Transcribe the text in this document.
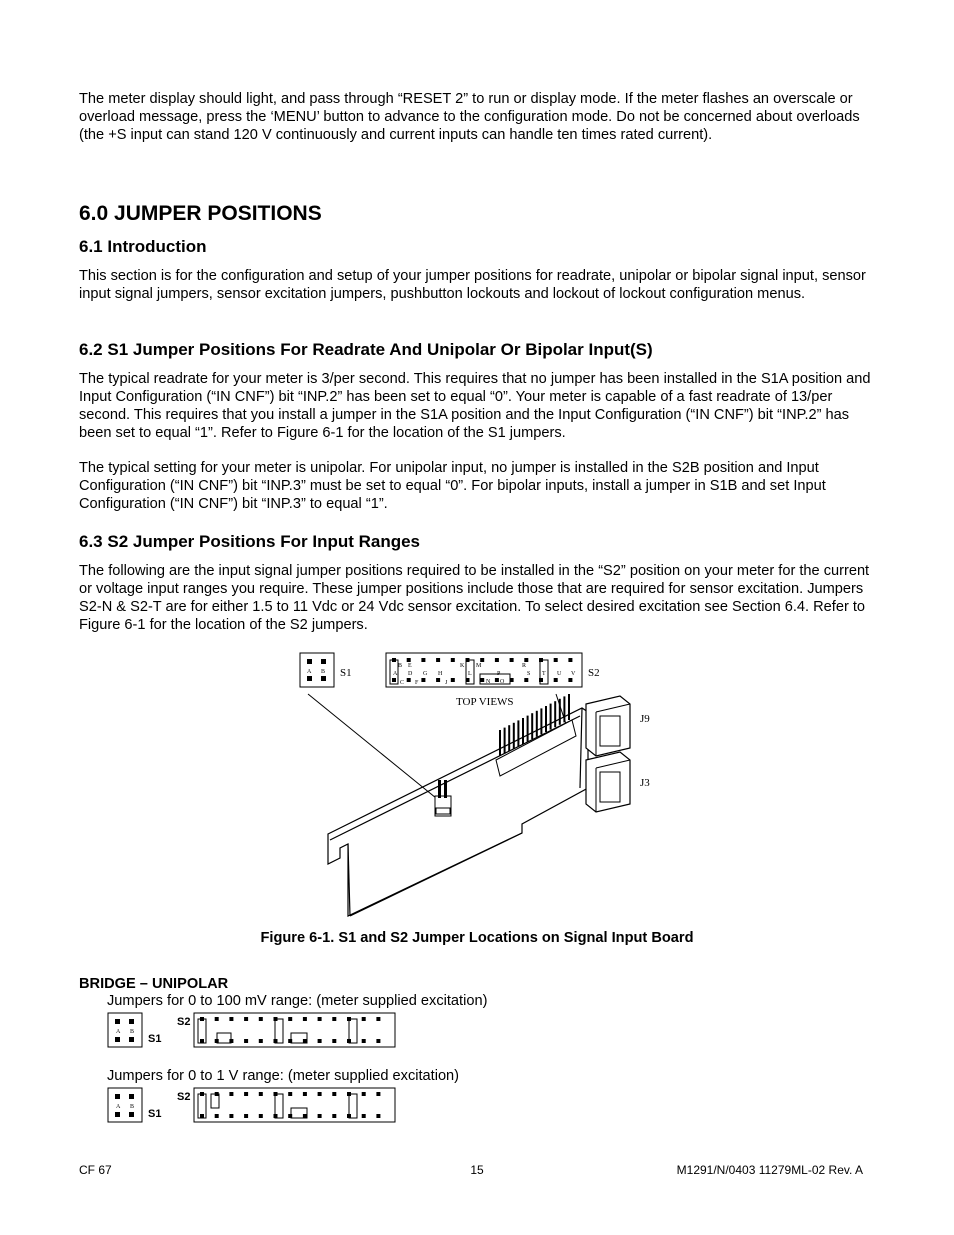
The meter display should light, and pass through “RESET 2” to run or display mode. If the meter flashes an overscale or overload message, press the ‘MENU’ button to advance to the configuration mode. Do not be concerned about overloads (the +S input can stand 120 V continuously and current inputs can handle ten times rated current).

6.0 JUMPER POSITIONS
6.1 Introduction

This section is for the configuration and setup of your jumper positions for readrate, unipolar or bipolar signal input, sensor input signal jumpers, sensor excitation jumpers, pushbutton lockouts and lockout of lockout configuration menus.

6.2 S1 Jumper Positions For Readrate And Unipolar Or Bipolar Input(S)

The typical readrate for your meter is 3/per second. This requires that no jumper has been installed in the S1A position and Input Configuration (“IN CNF”) bit “INP.2” has been set to equal “0”. Your meter is capable of a fast readrate of 13/per second. This requires that you install a jumper in the S1A position and the Input Configuration (“IN CNF”) bit “INP.2” has been set to equal “1”. Refer to Figure 6-1 for the location of the S1 jumpers.

The typical setting for your meter is unipolar. For unipolar input, no jumper is installed in the S2B position and Input Configuration (“IN CNF”) bit “INP.3” must be set to equal “0”. For bipolar inputs, install a jumper in S1B and set Input Configuration (“IN CNF”) bit “INP.3” to equal “1”.

6.3 S2 Jumper Positions For Input Ranges

The following are the input signal jumper positions required to be installed in the “S2” position on your meter for the current or voltage input ranges you require. These jumper positions include those that are required for sensor excitation. Jumpers S2-N & S2-T are for either 1.5 to 11 Vdc or 24 Vdc sensor excitation. To select desired excitation see Section 6.4. Refer to Figure 6-1 for the location of the S2 jumpers.

A B S1
B E	K M	R
A D G H	L	P	S T U V
C F	J	N O
S2
TOP VIEWS
J9
J3
Figure 6-1. S1 and S2 Jumper Locations on Signal Input Board
BRIDGE – UNIPOLAR
Jumpers for 0 to 100 mV range: (meter supplied excitation)
A B
S1
S2
Jumpers for 0 to 1 V range: (meter supplied excitation)
A B
S1
S2
CF 67	15	M1291/N/0403 11279ML-02 Rev. A
